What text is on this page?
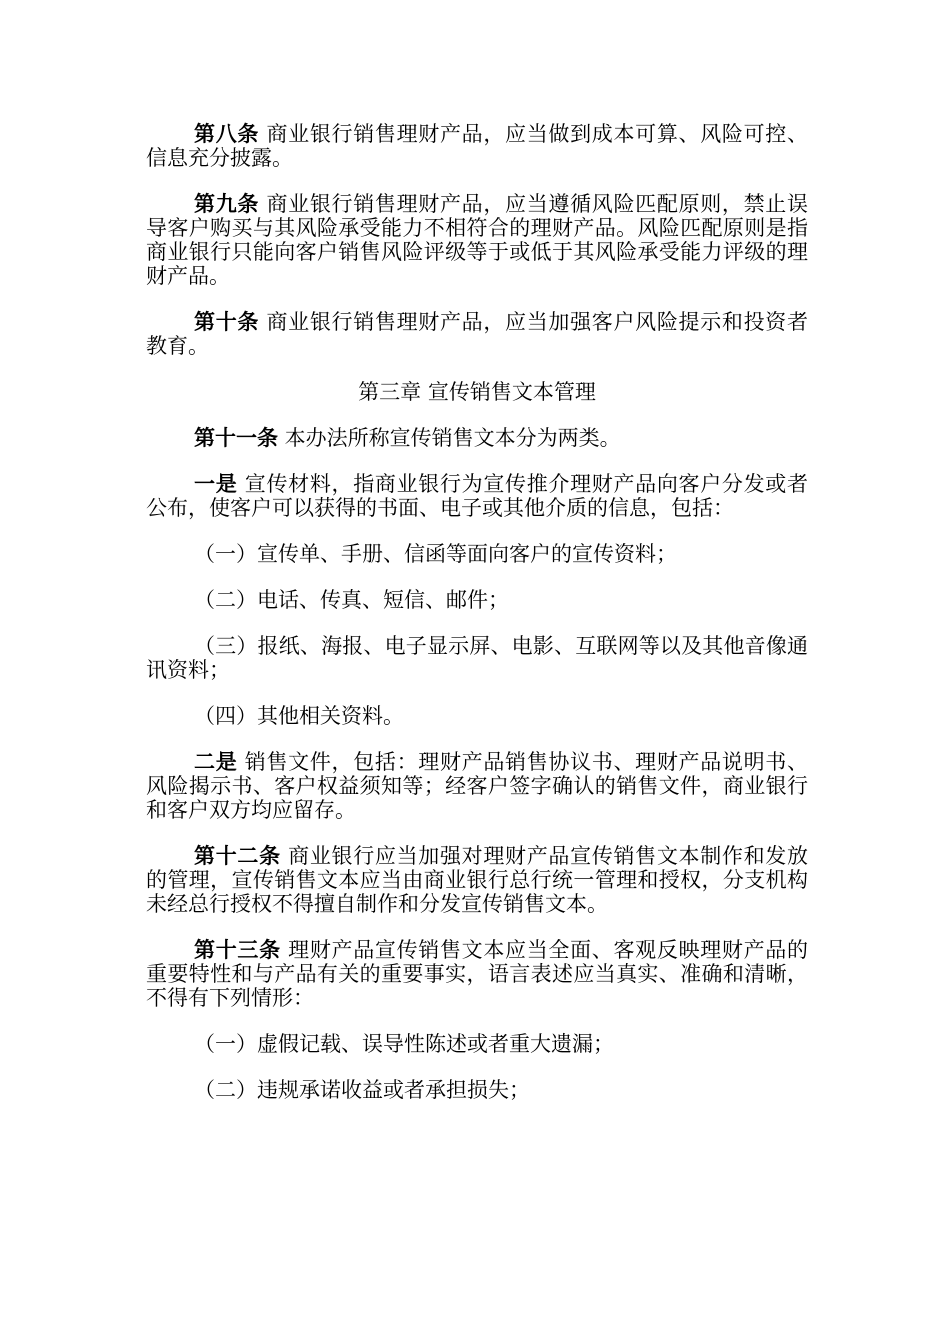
第八条 商业银行销售理财产品，应当做到成本可算、风险可控、信息充分披露。

第九条 商业银行销售理财产品，应当遵循风险匹配原则，禁止误导客户购买与其风险承受能力不相符合的理财产品。风险匹配原则是指商业银行只能向客户销售风险评级等于或低于其风险承受能力评级的理财产品。

第十条 商业银行销售理财产品，应当加强客户风险提示和投资者教育。

第三章 宣传销售文本管理

第十一条 本办法所称宣传销售文本分为两类。

一是 宣传材料，指商业银行为宣传推介理财产品向客户分发或者公布，使客户可以获得的书面、电子或其他介质的信息，包括：

（一）宣传单、手册、信函等面向客户的宣传资料；

（二）电话、传真、短信、邮件；

（三）报纸、海报、电子显示屏、电影、互联网等以及其他音像通讯资料；

（四）其他相关资料。

二是 销售文件，包括：理财产品销售协议书、理财产品说明书、风险揭示书、客户权益须知等；经客户签字确认的销售文件，商业银行和客户双方均应留存。

第十二条 商业银行应当加强对理财产品宣传销售文本制作和发放的管理，宣传销售文本应当由商业银行总行统一管理和授权，分支机构未经总行授权不得擅自制作和分发宣传销售文本。

第十三条 理财产品宣传销售文本应当全面、客观反映理财产品的重要特性和与产品有关的重要事实，语言表述应当真实、准确和清晰，不得有下列情形：

（一）虚假记载、误导性陈述或者重大遗漏；

（二）违规承诺收益或者承担损失；
